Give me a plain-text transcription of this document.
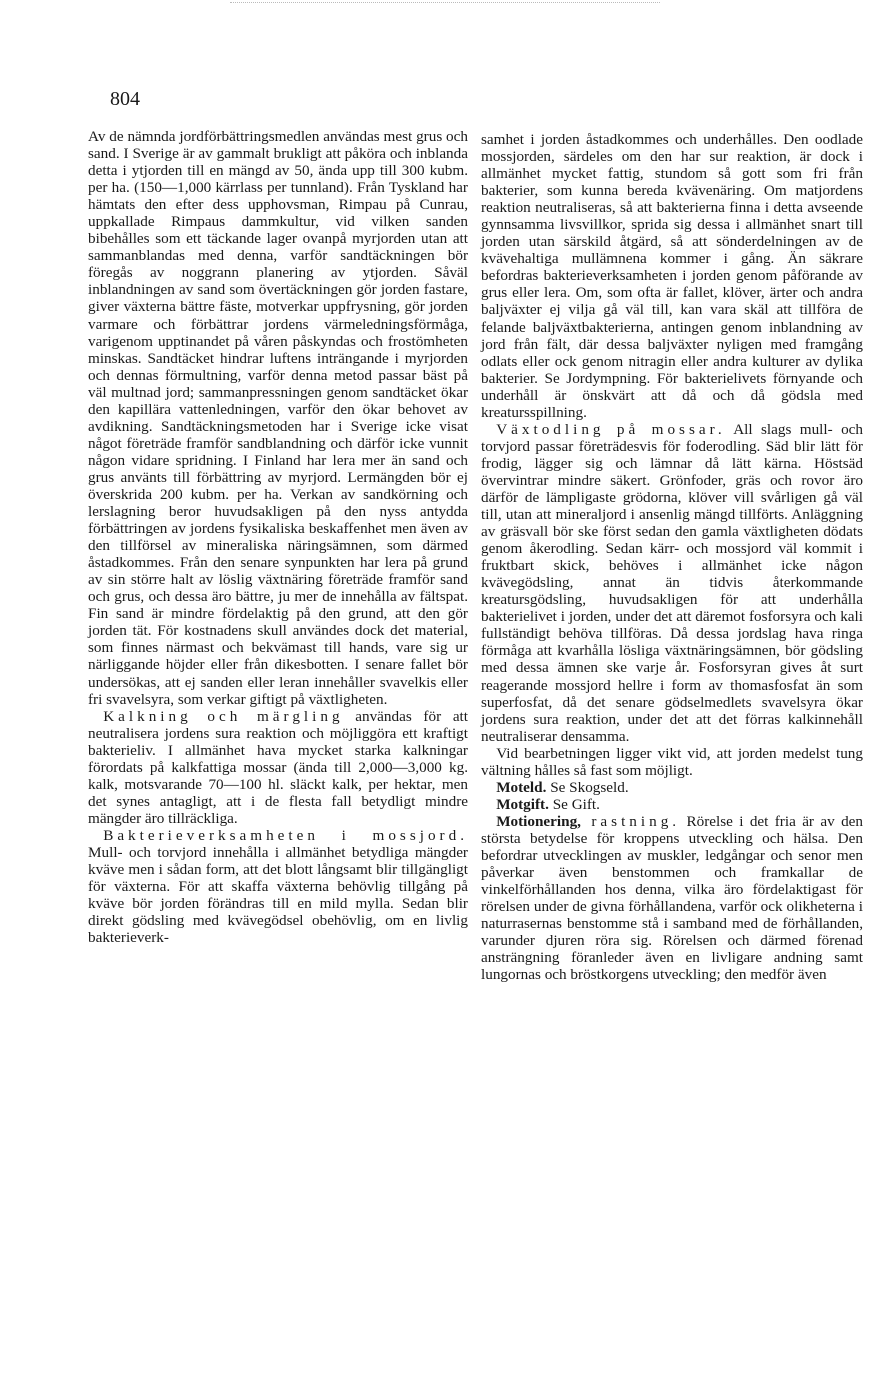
804

Av de nämnda jordförbättringsmedlen användas mest grus och sand. I Sverige är av gammalt brukligt att påköra och inblanda detta i ytjorden till en mängd av 50, ända upp till 300 kubm. per ha. (150—1,000 kärrlass per tunnland). Från Tyskland har hämtats den efter dess upphovsman, Rimpau på Cunrau, uppkallade Rimpaus dammkultur, vid vilken sanden bibehålles som ett täckande lager ovanpå myrjorden utan att sammanblandas med denna, varför sandtäckningen bör föregås av noggrann planering av ytjorden. Såväl inblandningen av sand som övertäckningen gör jorden fastare, giver växterna bättre fäste, motverkar uppfrysning, gör jorden varmare och förbättrar jordens värmeledningsförmåga, varigenom upptinandet på våren påskyndas och frostömheten minskas. Sandtäcket hindrar luftens inträngande i myrjorden och dennas förmultning, varför denna metod passar bäst på väl multnad jord; sammanpressningen genom sandtäcket ökar den kapillära vattenledningen, varför den ökar behovet av avdikning. Sandtäckningsmetoden har i Sverige icke visat något företräde framför sandblandning och därför icke vunnit någon vidare spridning. I Finland har lera mer än sand och grus använts till förbättring av myrjord. Lermängden bör ej överskrida 200 kubm. per ha. Verkan av sandkörning och lerslagning beror huvudsakligen på den nyss antydda förbättringen av jordens fysikaliska beskaffenhet men även av den tillförsel av mineraliska näringsämnen, som därmed åstadkommes. Från den senare synpunkten har lera på grund av sin större halt av löslig växtnäring företräde framför sand och grus, och dessa äro bättre, ju mer de innehålla av fältspat. Fin sand är mindre fördelaktig på den grund, att den gör jorden tät. För kostnadens skull användes dock det material, som finnes närmast och bekvämast till hands, vare sig ur närliggande höjder eller från dikesbotten. I senare fallet bör undersökas, att ej sanden eller leran innehåller svavelkis eller fri svavelsyra, som verkar giftigt på växtligheten.

 Kalkning och märgling användas för att neutralisera jordens sura reaktion och möjliggöra ett kraftigt bakterieliv. I allmänhet hava mycket starka kalkningar förordats på kalkfattiga mossar (ända till 2,000—3,000 kg. kalk, motsvarande 70—100 hl. släckt kalk, per hektar, men det synes antagligt, att i de flesta fall betydligt mindre mängder äro tillräckliga.

 Bakterieverksamheten i mossjord. Mull- och torvjord innehålla i allmänhet betydliga mängder kväve men i sådan form, att det blott långsamt blir tillgängligt för växterna. För att skaffa växterna behövlig tillgång på kväve bör jorden förändras till en mild mylla. Sedan blir direkt gödsling med kvävegödsel obehövlig, om en livlig bakterieverk-

samhet i jorden åstadkommes och underhålles. Den oodlade mossjorden, särdeles om den har sur reaktion, är dock i allmänhet mycket fattig, stundom så gott som fri från bakterier, som kunna bereda kvävenäring. Om matjordens reaktion neutraliseras, så att bakterierna finna i detta avseende gynnsamma livsvillkor, sprida sig dessa i allmänhet snart till jorden utan särskild åtgärd, så att sönderdelningen av de kvävehaltiga mullämnena kommer i gång. Än säkrare befordras bakterieverksamheten i jorden genom påförande av grus eller lera. Om, som ofta är fallet, klöver, ärter och andra baljväxter ej vilja gå väl till, kan vara skäl att tillföra de felande baljväxtbakterierna, antingen genom inblandning av jord från fält, där dessa baljväxter nyligen med framgång odlats eller ock genom nitragin eller andra kulturer av dylika bakterier. Se Jordympning. För bakterielivets förnyande och underhåll är önskvärt att då och då gödsla med kreatursspillning.

 Växtodling på mossar. All slags mull- och torvjord passar företrädesvis för foderodling. Säd blir lätt för frodig, lägger sig och lämnar då lätt kärna. Höstsäd övervintrar mindre säkert. Grönfoder, gräs och rovor äro därför de lämpligaste grödorna, klöver vill svårligen gå väl till, utan att mineraljord i ansenlig mängd tillförts. Anläggning av gräsvall bör ske först sedan den gamla växtligheten dödats genom åkerodling. Sedan kärr- och mossjord väl kommit i fruktbart skick, behöves i allmänhet icke någon kvävegödsling, annat än tidvis återkommande kreatursgödsling, huvudsakligen för att underhålla bakterielivet i jorden, under det att däremot fosforsyra och kali fullständigt behöva tillföras. Då dessa jordslag hava ringa förmåga att kvarhålla lösliga växtnäringsämnen, bör gödsling med dessa ämnen ske varje år. Fosforsyran gives åt surt reagerande mossjord hellre i form av thomasfosfat än som superfosfat, då det senare gödselmedlets svavelsyra ökar jordens sura reaktion, under det att det förras kalkinnehåll neutraliserar densamma.

 Vid bearbetningen ligger vikt vid, att jorden medelst tung vältning hålles så fast som möjligt.

 Moteld. Se Skogseld.

 Motgift. Se Gift.

 Motionering, rastning. Rörelse i det fria är av den största betydelse för kroppens utveckling och hälsa. Den befordrar utvecklingen av muskler, ledgångar och senor men påverkar även benstommen och framkallar de vinkelförhållanden hos denna, vilka äro fördelaktigast för rörelsen under de givna förhållandena, varför ock olikheterna i naturrasernas benstomme stå i samband med de förhållanden, varunder djuren röra sig. Rörelsen och därmed förenad ansträngning föranleder även en livligare andning samt lungornas och bröstkorgens utveckling; den medför även
